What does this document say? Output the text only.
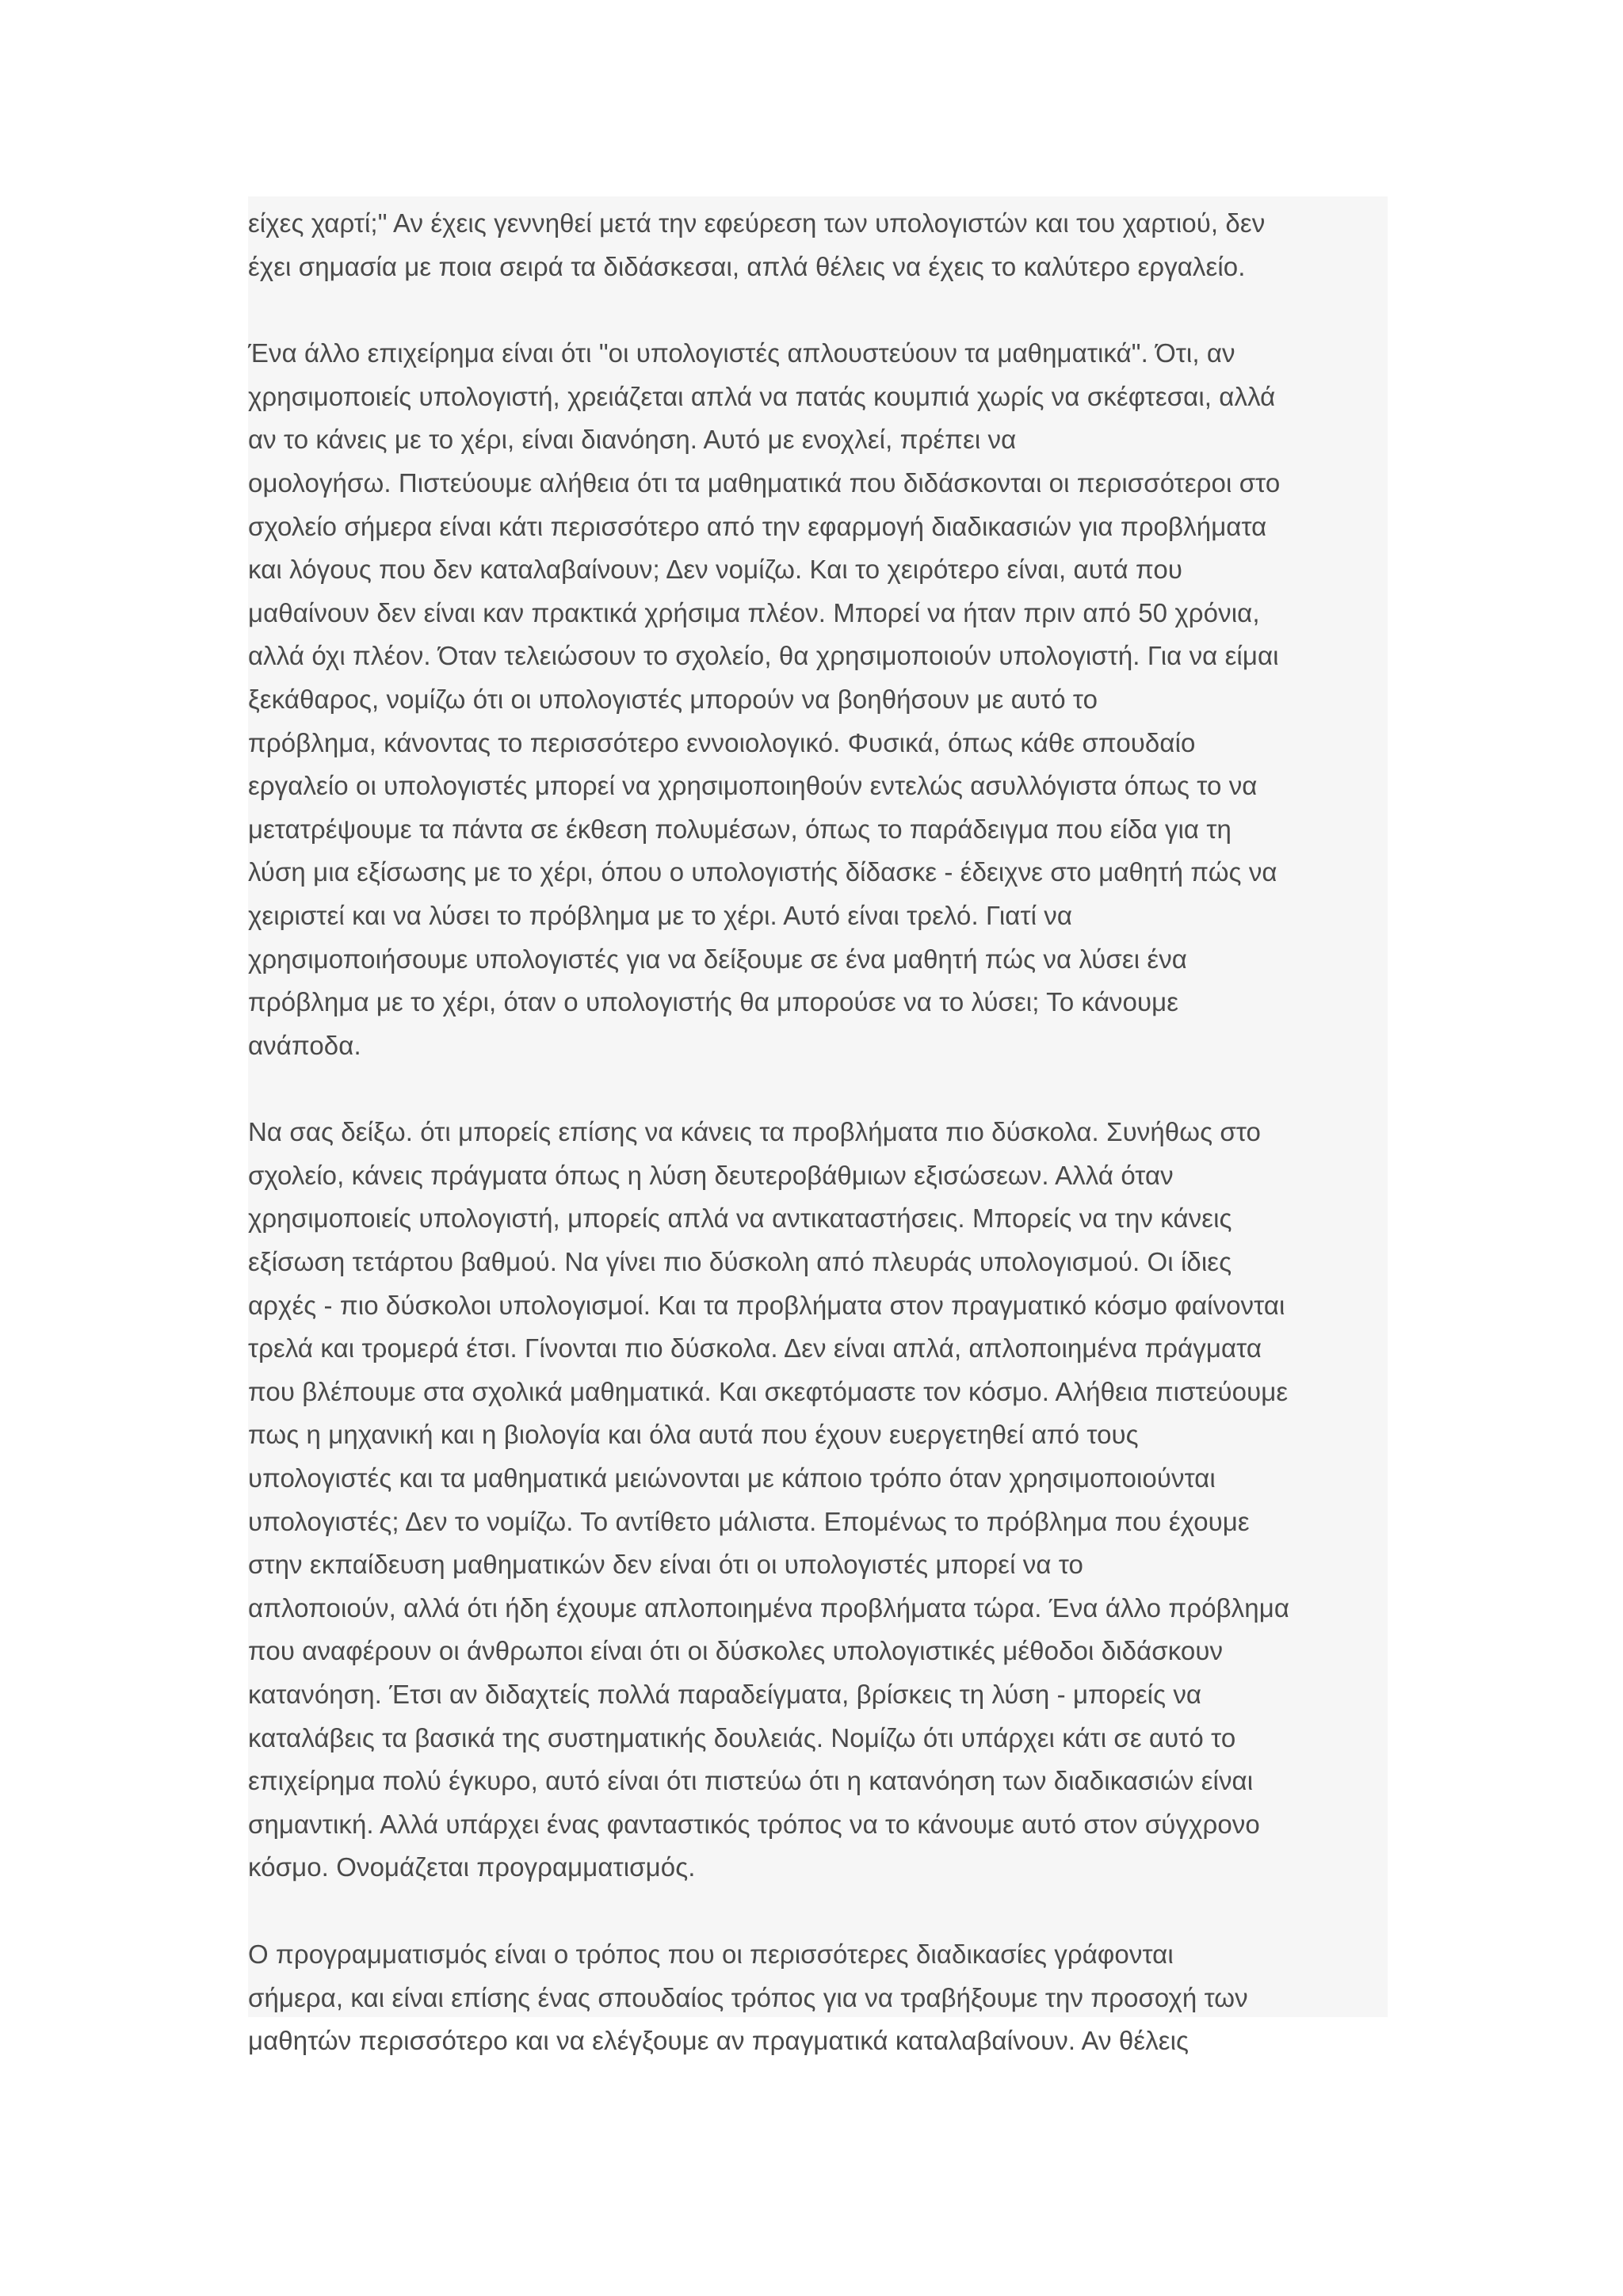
είχες χαρτί;" Αν έχεις γεννηθεί μετά την εφεύρεση των υπολογιστών και του χαρτιού, δεν
έχει σημασία με ποια σειρά τα διδάσκεσαι, απλά θέλεις να έχεις το καλύτερο εργαλείο.

Ένα άλλο επιχείρημα είναι ότι "οι υπολογιστές απλουστεύουν τα μαθηματικά". Ότι, αν
χρησιμοποιείς υπολογιστή, χρειάζεται απλά να πατάς κουμπιά χωρίς να σκέφτεσαι, αλλά
αν το κάνεις με το χέρι, είναι διανόηση. Αυτό με ενοχλεί, πρέπει να
ομολογήσω. Πιστεύουμε αλήθεια ότι τα μαθηματικά που διδάσκονται οι περισσότεροι στο
σχολείο σήμερα είναι κάτι περισσότερο από την εφαρμογή διαδικασιών για προβλήματα
και λόγους που δεν καταλαβαίνουν; Δεν νομίζω. Και το χειρότερο είναι, αυτά που
μαθαίνουν δεν είναι καν πρακτικά χρήσιμα πλέον. Μπορεί να ήταν πριν από 50 χρόνια,
αλλά όχι πλέον. Όταν τελειώσουν το σχολείο, θα χρησιμοποιούν υπολογιστή. Για να είμαι
ξεκάθαρος, νομίζω ότι οι υπολογιστές μπορούν να βοηθήσουν με αυτό το
πρόβλημα, κάνοντας το περισσότερο εννοιολογικό. Φυσικά, όπως κάθε σπουδαίο
εργαλείο οι υπολογιστές μπορεί να χρησιμοποιηθούν εντελώς ασυλλόγιστα όπως το να
μετατρέψουμε τα πάντα σε έκθεση πολυμέσων, όπως το παράδειγμα που είδα για τη
λύση μια εξίσωσης με το χέρι, όπου ο υπολογιστής δίδασκε - έδειχνε στο μαθητή πώς να
χειριστεί και να λύσει το πρόβλημα με το χέρι. Αυτό είναι τρελό. Γιατί να
χρησιμοποιήσουμε υπολογιστές για να δείξουμε σε ένα μαθητή πώς να λύσει ένα
πρόβλημα με το χέρι, όταν ο υπολογιστής θα μπορούσε να το λύσει; Το κάνουμε
ανάποδα.

Να σας δείξω. ότι μπορείς επίσης να κάνεις τα προβλήματα πιο δύσκολα. Συνήθως στο
σχολείο, κάνεις πράγματα όπως η λύση δευτεροβάθμιων εξισώσεων. Αλλά όταν
χρησιμοποιείς υπολογιστή, μπορείς απλά να αντικαταστήσεις. Μπορείς να την κάνεις
εξίσωση τετάρτου βαθμού. Να γίνει πιο δύσκολη από πλευράς υπολογισμού. Οι ίδιες
αρχές - πιο δύσκολοι υπολογισμοί. Και τα προβλήματα στον πραγματικό κόσμο φαίνονται
τρελά και τρομερά έτσι. Γίνονται πιο δύσκολα. Δεν είναι απλά, απλοποιημένα πράγματα
που βλέπουμε στα σχολικά μαθηματικά. Και σκεφτόμαστε τον κόσμο. Αλήθεια πιστεύουμε
πως η μηχανική και η βιολογία και όλα αυτά που έχουν ευεργετηθεί από τους
υπολογιστές και τα μαθηματικά μειώνονται με κάποιο τρόπο όταν χρησιμοποιούνται
υπολογιστές; Δεν το νομίζω. Το αντίθετο μάλιστα. Επομένως το πρόβλημα που έχουμε
στην εκπαίδευση μαθηματικών δεν είναι ότι οι υπολογιστές μπορεί να το
απλοποιούν, αλλά ότι ήδη έχουμε απλοποιημένα προβλήματα τώρα. Ένα άλλο πρόβλημα
που αναφέρουν οι άνθρωποι είναι ότι οι δύσκολες υπολογιστικές μέθοδοι διδάσκουν
κατανόηση. Έτσι αν διδαχτείς πολλά παραδείγματα, βρίσκεις τη λύση - μπορείς να
καταλάβεις τα βασικά της συστηματικής δουλειάς. Νομίζω ότι υπάρχει κάτι σε αυτό το
επιχείρημα πολύ έγκυρο, αυτό είναι ότι πιστεύω ότι η κατανόηση των διαδικασιών είναι
σημαντική. Αλλά υπάρχει ένας φανταστικός τρόπος να το κάνουμε αυτό στον σύγχρονο
κόσμο. Ονομάζεται προγραμματισμός.

Ο προγραμματισμός είναι ο τρόπος που οι περισσότερες διαδικασίες γράφονται
σήμερα, και είναι επίσης ένας σπουδαίος τρόπος για να τραβήξουμε την προσοχή των
μαθητών περισσότερο και να ελέγξουμε αν πραγματικά καταλαβαίνουν. Αν θέλεις
